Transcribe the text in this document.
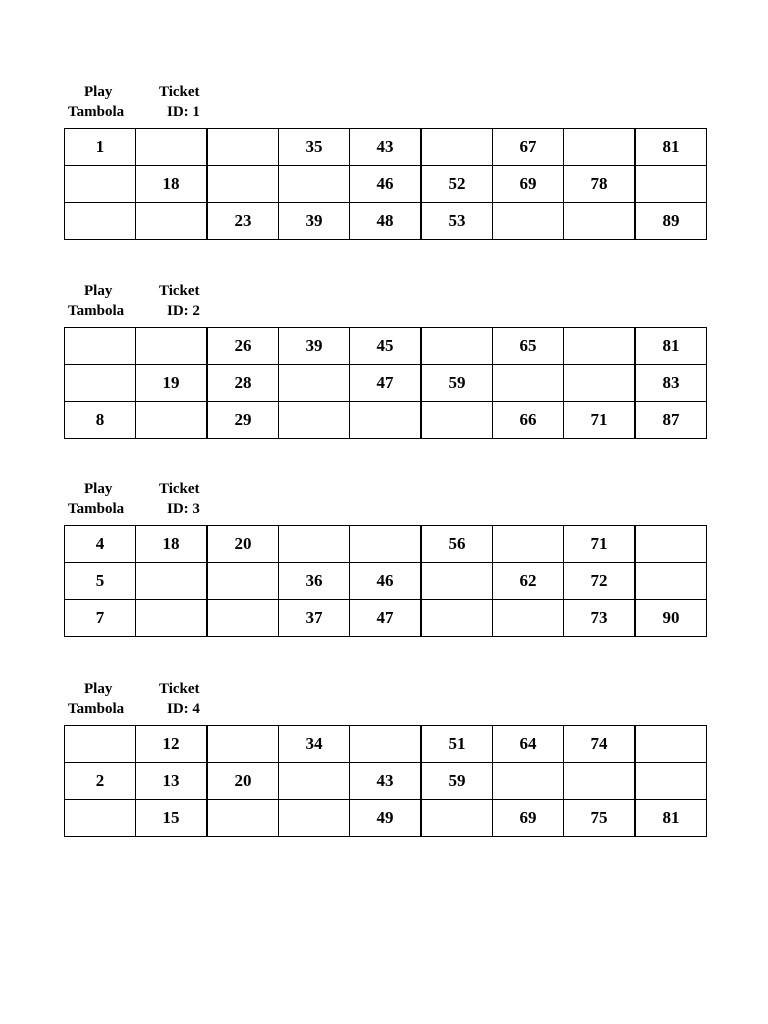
Play
Tambola
Ticket
ID: 1
1			35	43		67		81
	18			46	52	69	78	
		23	39	48	53			89
Play
Tambola
Ticket
ID: 2
		26	39	45		65		81
	19	28		47	59			83
8		29				66	71	87
Play
Tambola
Ticket
ID: 3
4	18	20			56		71	
5			36	46		62	72	
7			37	47			73	90
Play
Tambola
Ticket
ID: 4
	12		34		51	64	74	
2	13	20		43	59			
	15			49		69	75	81
